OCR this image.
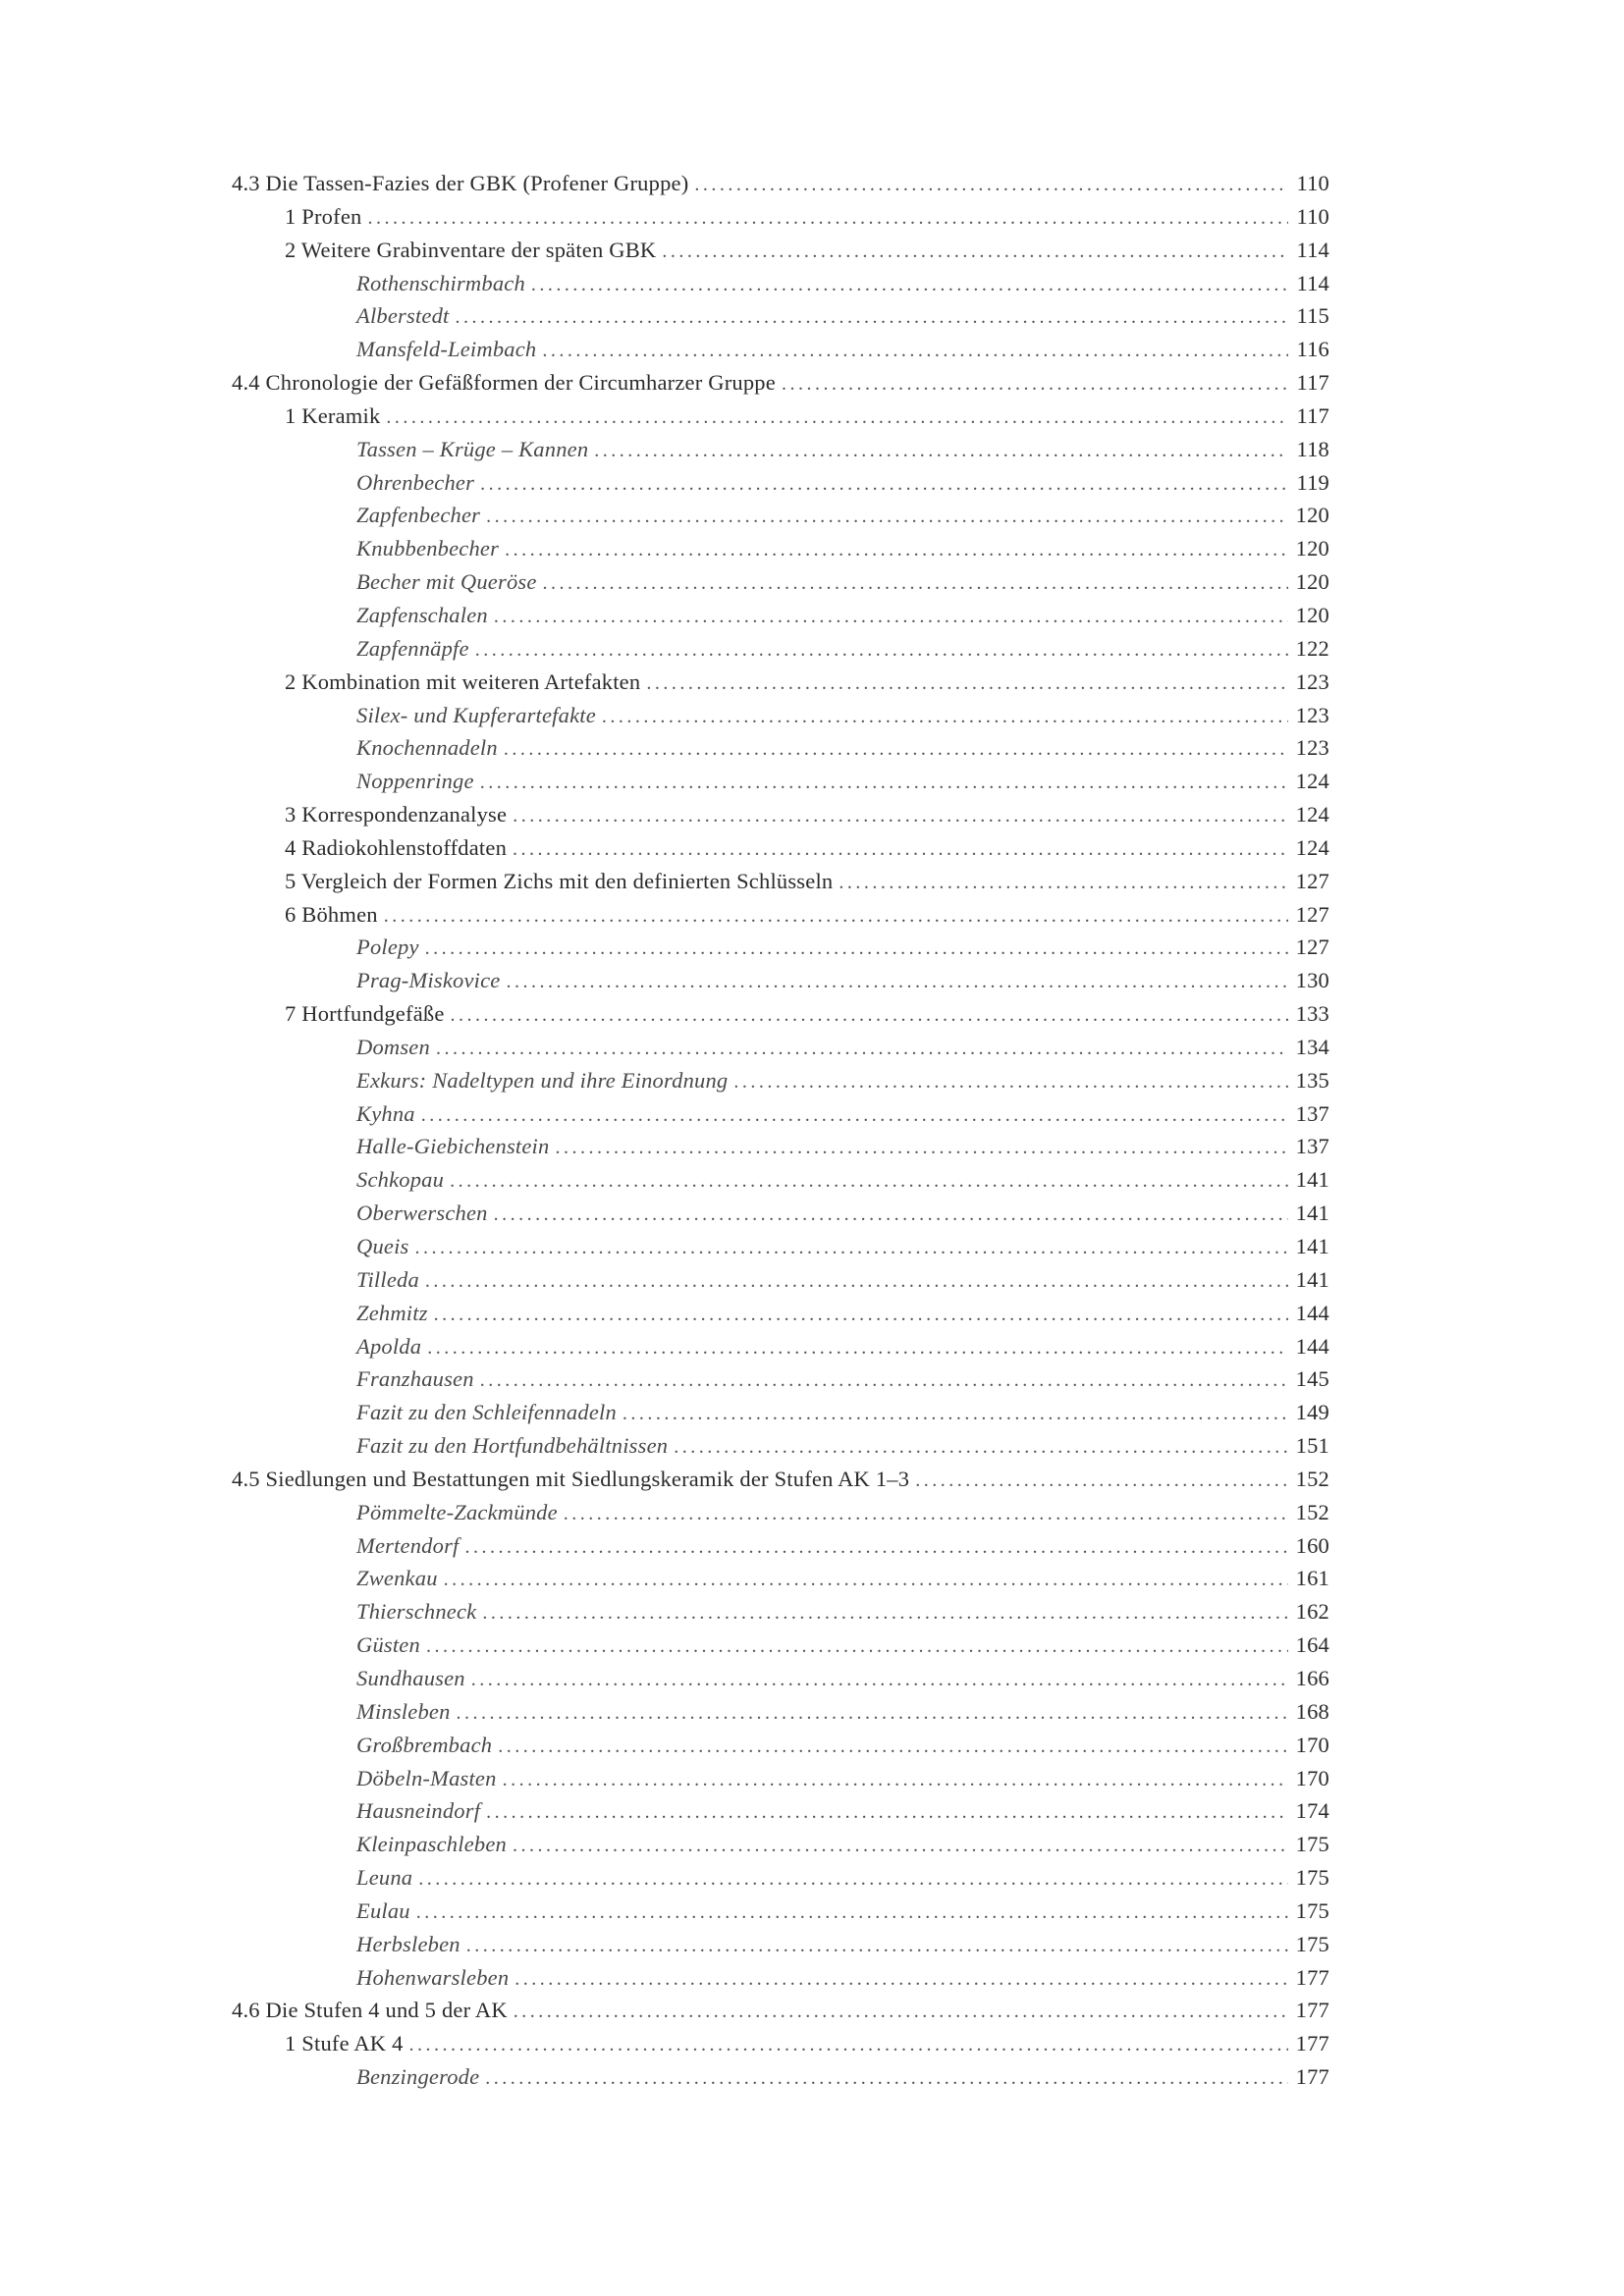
4.3 Die Tassen-Fazies der GBK (Profener Gruppe) . . .	110
1 Profen . . .	110
2 Weitere Grabinventare der späten GBK . . .	114
Rothenschirmbach . . .	114
Alberstedt . . .	115
Mansfeld-Leimbach . . .	116
4.4 Chronologie der Gefäßformen der Circumharzer Gruppe . . .	117
1 Keramik . . .	117
Tassen – Krüge – Kannen . . .	118
Ohrenbecher . . .	119
Zapfenbecher . . .	120
Knubbenbecher . . .	120
Becher mit Queröse . . .	120
Zapfenschalen . . .	120
Zapfennäpfe . . .	122
2 Kombination mit weiteren Artefakten . . .	123
Silex- und Kupferartefakte . . .	123
Knochennadeln . . .	123
Noppenringe . . .	124
3 Korrespondenzanalyse . . .	124
4 Radiokohlenstoffdaten . . .	124
5 Vergleich der Formen Zichs mit den definierten Schlüsseln . . .	127
6 Böhmen . . .	127
Polepy . . .	127
Prag-Miskovice . . .	130
7 Hortfundgefäße . . .	133
Domsen . . .	134
Exkurs: Nadeltypen und ihre Einordnung . . .	135
Kyhna . . .	137
Halle-Giebichenstein . . .	137
Schkopau . . .	141
Oberwerschen . . .	141
Queis . . .	141
Tilleda . . .	141
Zehmitz . . .	144
Apolda . . .	144
Franzhausen . . .	145
Fazit zu den Schleifennadeln . . .	149
Fazit zu den Hortfundbehältnissen . . .	151
4.5 Siedlungen und Bestattungen mit Siedlungskeramik der Stufen AK 1–3 . . .	152
Pömmelte-Zackmünde . . .	152
Mertendorf . . .	160
Zwenkau . . .	161
Thierschneck . . .	162
Güsten . . .	164
Sundhausen . . .	166
Minsleben . . .	168
Großbrembach . . .	170
Döbeln-Masten . . .	170
Hausneindorf . . .	174
Kleinpaschleben . . .	175
Leuna . . .	175
Eulau . . .	175
Herbsleben . . .	175
Hohenwarsleben . . .	177
4.6 Die Stufen 4 und 5 der AK . . .	177
1 Stufe AK 4 . . .	177
Benzingerode . . .	177
